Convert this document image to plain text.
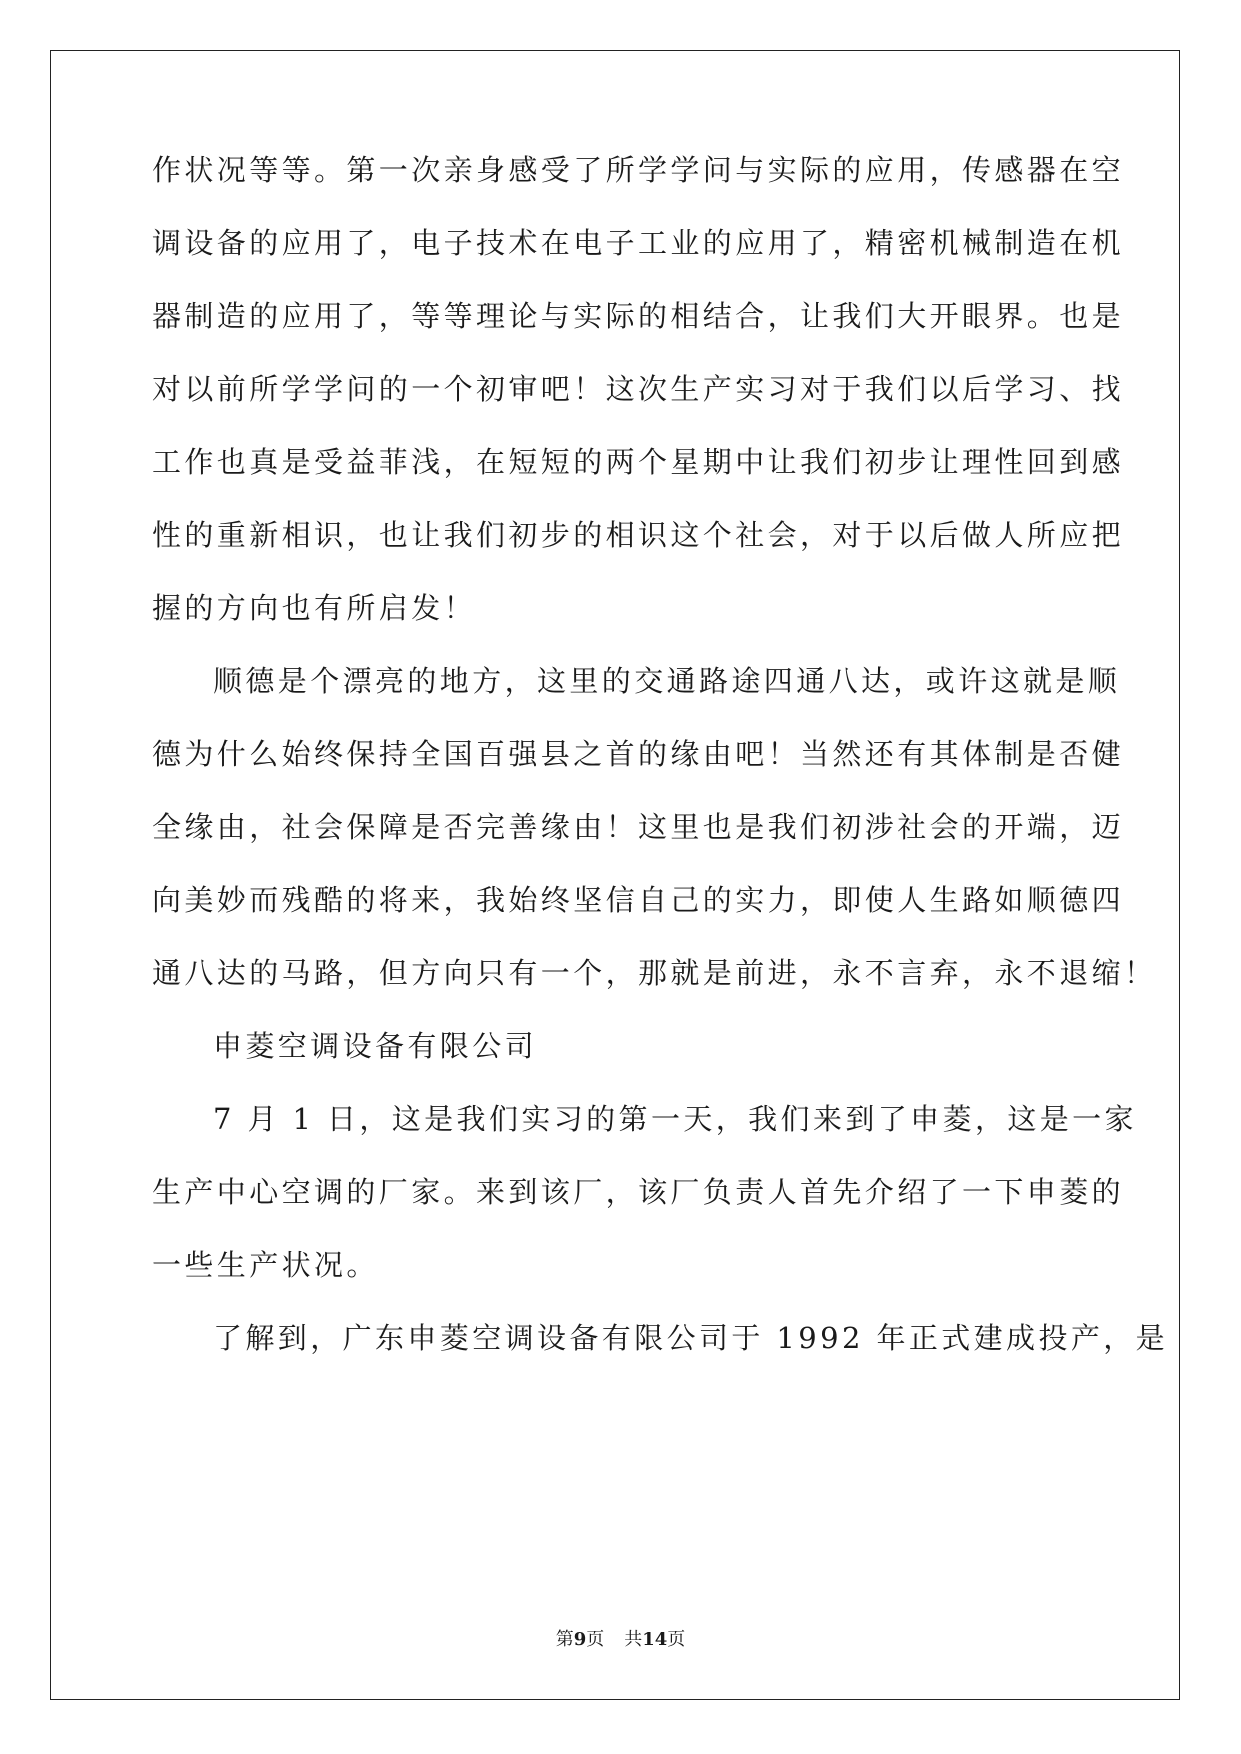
作状况等等。第一次亲身感受了所学学问与实际的应用，传感器在空
调设备的应用了，电子技术在电子工业的应用了，精密机械制造在机
器制造的应用了，等等理论与实际的相结合，让我们大开眼界。也是
对以前所学学问的一个初审吧！这次生产实习对于我们以后学习、找
工作也真是受益菲浅，在短短的两个星期中让我们初步让理性回到感
性的重新相识，也让我们初步的相识这个社会，对于以后做人所应把
握的方向也有所启发！
顺德是个漂亮的地方，这里的交通路途四通八达，或许这就是顺
德为什么始终保持全国百强县之首的缘由吧！当然还有其体制是否健
全缘由，社会保障是否完善缘由！这里也是我们初涉社会的开端，迈
向美妙而残酷的将来，我始终坚信自己的实力，即使人生路如顺德四
通八达的马路，但方向只有一个，那就是前进，永不言弃，永不退缩！
申菱空调设备有限公司
7 月 1 日，这是我们实习的第一天，我们来到了申菱，这是一家
生产中心空调的厂家。来到该厂，该厂负责人首先介绍了一下申菱的
一些生产状况。
了解到，广东申菱空调设备有限公司于 1992 年正式建成投产，是
第9页 共14页
